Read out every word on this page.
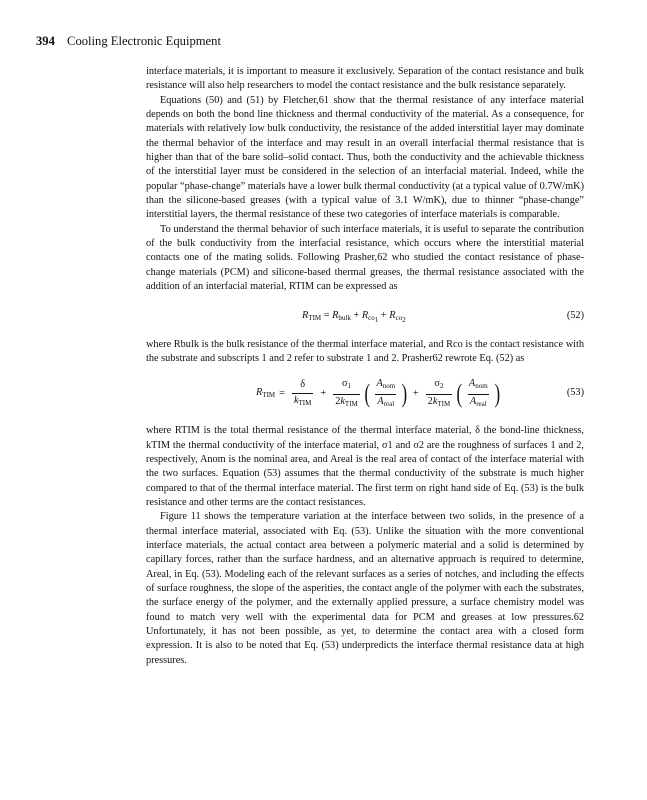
394 Cooling Electronic Equipment

interface materials, it is important to measure it exclusively. Separation of the contact resistance and bulk resistance will also help researchers to model the contact resistance and the bulk resistance separately.

Equations (50) and (51) by Fletcher,61 show that the thermal resistance of any interface material depends on both the bond line thickness and thermal conductivity of the material. As a consequence, for materials with relatively low bulk conductivity, the resistance of the added interstitial layer may dominate the thermal behavior of the interface and may result in an overall interfacial thermal resistance that is higher than that of the bare solid–solid contact. Thus, both the conductivity and the achievable thickness of the interstitial layer must be considered in the selection of an interfacial material. Indeed, while the popular “phase-change” materials have a lower bulk thermal conductivity (at a typical value of 0.7W/mK) than the silicone-based greases (with a typical value of 3.1 W/mK), due to thinner “phase-change” interstitial layers, the thermal resistance of these two categories of interface materials is comparable.

To understand the thermal behavior of such interface materials, it is useful to separate the contribution of the bulk conductivity from the interfacial resistance, which occurs where the interstitial material contacts one of the mating solids. Following Prasher,62 who studied the contact resistance of phase-change materials (PCM) and silicone-based thermal greases, the thermal resistance associated with the addition of an interfacial material, RTIM can be expressed as

$R_{TIM} = R_{bulk} + R_{co_1} + R_{co_2}$	(52)

where Rbulk is the bulk resistance of the thermal interface material, and Rco is the contact resistance with the substrate and subscripts 1 and 2 refer to substrate 1 and 2. Prasher62 rewrote Eq. (52) as

$R_{TIM} = \frac{\delta}{k_{TIM}} + \frac{\sigma_1}{2k_{TIM}}$ ( $\frac{A_{nom}}{A_{real}}$ ) + $\frac{\sigma_2}{2k_{TIM}}$ ( $\frac{A_{nom}}{A_{real}}$ )	(53)

where RTIM is the total thermal resistance of the thermal interface material, δ the bond-line thickness, kTIM the thermal conductivity of the interface material, σ1 and σ2 are the roughness of surfaces 1 and 2, respectively, Anom is the nominal area, and Areal is the real area of contact of the interface material with the two surfaces. Equation (53) assumes that the thermal conductivity of the substrate is much higher compared to that of the thermal interface material. The first term on right hand side of Eq. (53) is the bulk resistance and other terms are the contact resistances.

Figure 11 shows the temperature variation at the interface between two solids, in the presence of a thermal interface material, associated with Eq. (53). Unlike the situation with the more conventional interface materials, the actual contact area between a polymeric material and a solid is determined by capillary forces, rather than the surface hardness, and an alternative approach is required to determine, Areal, in Eq. (53). Modeling each of the relevant surfaces as a series of notches, and including the effects of surface roughness, the slope of the asperities, the contact angle of the polymer with each the substrates, the surface energy of the polymer, and the externally applied pressure, a surface chemistry model was found to match very well with the experimental data for PCM and greases at low pressures.62 Unfortunately, it has not been possible, as yet, to determine the contact area with a closed form expression. It is also to be noted that Eq. (53) underpredicts the interface thermal resistance data at high pressures.
